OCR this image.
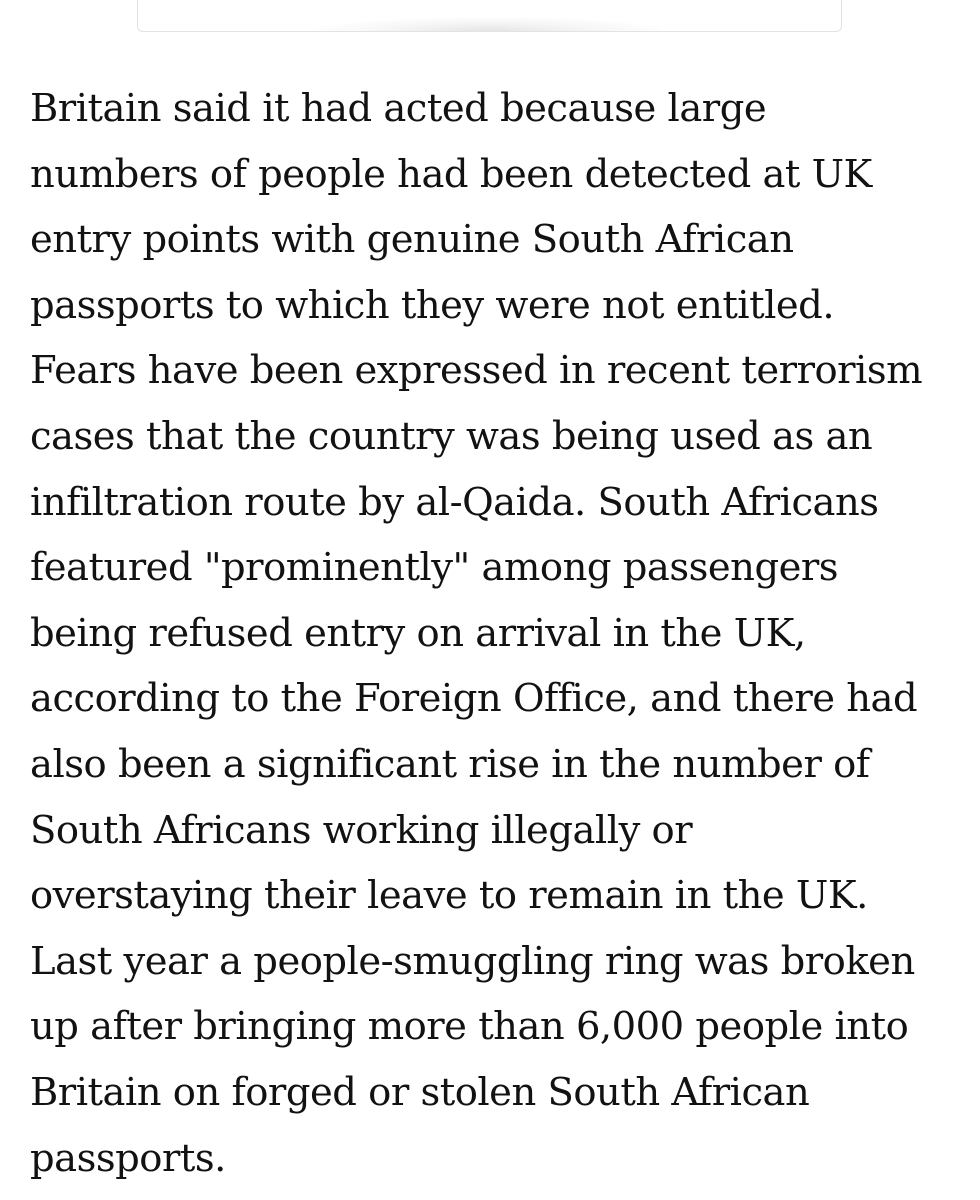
Britain said it had acted because large
numbers of people had been detected at UK
entry points with genuine South African
passports to which they were not entitled.
Fears have been expressed in recent terrorism
cases that the country was being used as an
infiltration route by al-Qaida. South Africans
featured "prominently" among passengers
being refused entry on arrival in the UK,
according to the Foreign Office, and there had
also been a significant rise in the number of
South Africans working illegally or
overstaying their leave to remain in the UK.
Last year a people-smuggling ring was broken
up after bringing more than 6,000 people into
Britain on forged or stolen South African
passports.
